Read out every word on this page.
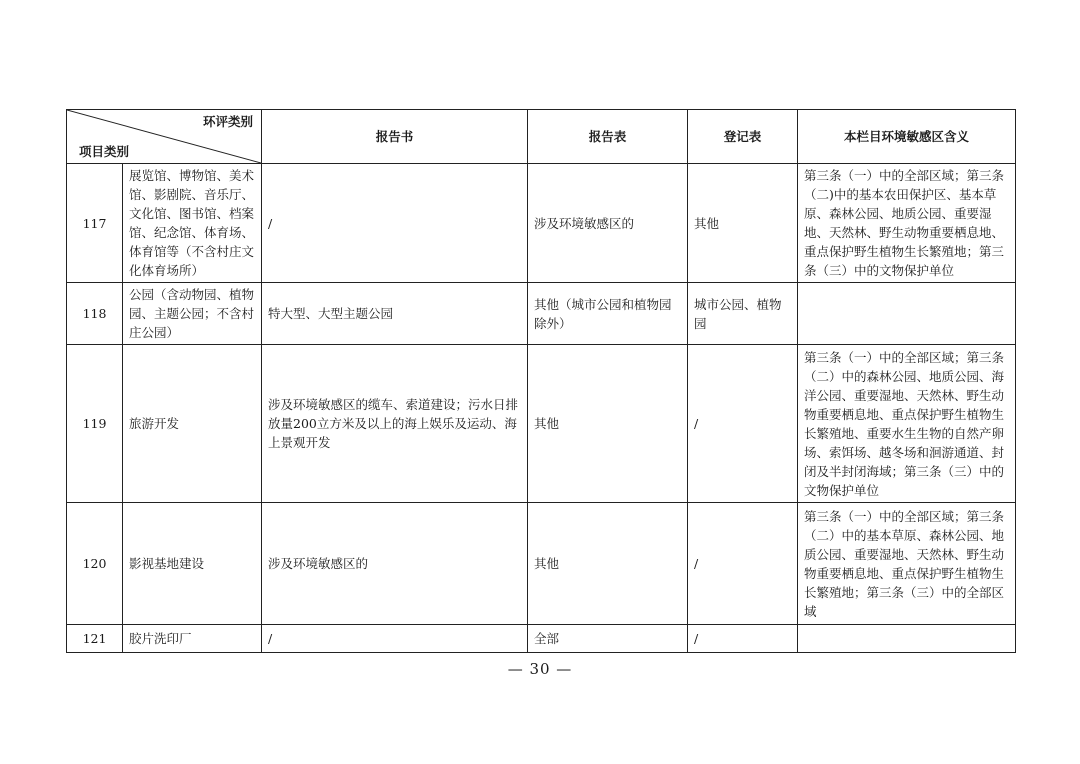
环评类别
项目类别		报告书	报告表	登记表	本栏目环境敏感区含义
117	展览馆、博物馆、美术馆、影剧院、音乐厅、文化馆、图书馆、档案馆、纪念馆、体育场、体育馆等（不含村庄文化体育场所）	/	涉及环境敏感区的	其他	第三条（一）中的全部区域；第三条（二)中的基本农田保护区、基本草原、森林公园、地质公园、重要湿地、天然林、野生动物重要栖息地、重点保护野生植物生长繁殖地；第三条（三）中的文物保护单位
118	公园（含动物园、植物园、主题公园；不含村庄公园）	特大型、大型主题公园	其他（城市公园和植物园除外）	城市公园、植物园	
119	旅游开发	涉及环境敏感区的缆车、索道建设；污水日排放量200立方米及以上的海上娱乐及运动、海上景观开发	其他	/	第三条（一）中的全部区域；第三条（二）中的森林公园、地质公园、海洋公园、重要湿地、天然林、野生动物重要栖息地、重点保护野生植物生长繁殖地、重要水生生物的自然产卵场、索饵场、越冬场和洄游通道、封闭及半封闭海域；第三条（三）中的文物保护单位
120	影视基地建设	涉及环境敏感区的	其他	/	第三条（一）中的全部区域；第三条（二）中的基本草原、森林公园、地质公园、重要湿地、天然林、野生动物重要栖息地、重点保护野生植物生长繁殖地；第三条（三）中的全部区域
121	胶片洗印厂	/	全部	/	
— 30 —
